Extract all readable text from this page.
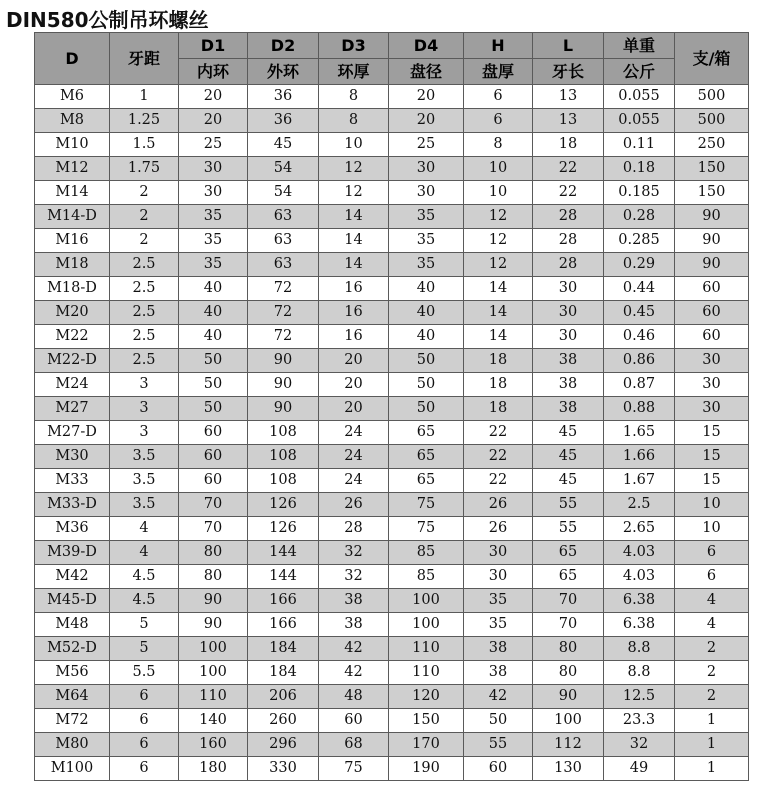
DIN580公制吊环螺丝
D	牙距	D1	D2	D3	D4	H	L	单重	支/箱
		内环	外环	环厚	盘径	盘厚	牙长	公斤	
M6	1	20	36	8	20	6	13	0.055	500
M8	1.25	20	36	8	20	6	13	0.055	500
M10	1.5	25	45	10	25	8	18	0.11	250
M12	1.75	30	54	12	30	10	22	0.18	150
M14	2	30	54	12	30	10	22	0.185	150
M14-D	2	35	63	14	35	12	28	0.28	90
M16	2	35	63	14	35	12	28	0.285	90
M18	2.5	35	63	14	35	12	28	0.29	90
M18-D	2.5	40	72	16	40	14	30	0.44	60
M20	2.5	40	72	16	40	14	30	0.45	60
M22	2.5	40	72	16	40	14	30	0.46	60
M22-D	2.5	50	90	20	50	18	38	0.86	30
M24	3	50	90	20	50	18	38	0.87	30
M27	3	50	90	20	50	18	38	0.88	30
M27-D	3	60	108	24	65	22	45	1.65	15
M30	3.5	60	108	24	65	22	45	1.66	15
M33	3.5	60	108	24	65	22	45	1.67	15
M33-D	3.5	70	126	26	75	26	55	2.5	10
M36	4	70	126	28	75	26	55	2.65	10
M39-D	4	80	144	32	85	30	65	4.03	6
M42	4.5	80	144	32	85	30	65	4.03	6
M45-D	4.5	90	166	38	100	35	70	6.38	4
M48	5	90	166	38	100	35	70	6.38	4
M52-D	5	100	184	42	110	38	80	8.8	2
M56	5.5	100	184	42	110	38	80	8.8	2
M64	6	110	206	48	120	42	90	12.5	2
M72	6	140	260	60	150	50	100	23.3	1
M80	6	160	296	68	170	55	112	32	1
M100	6	180	330	75	190	60	130	49	1
